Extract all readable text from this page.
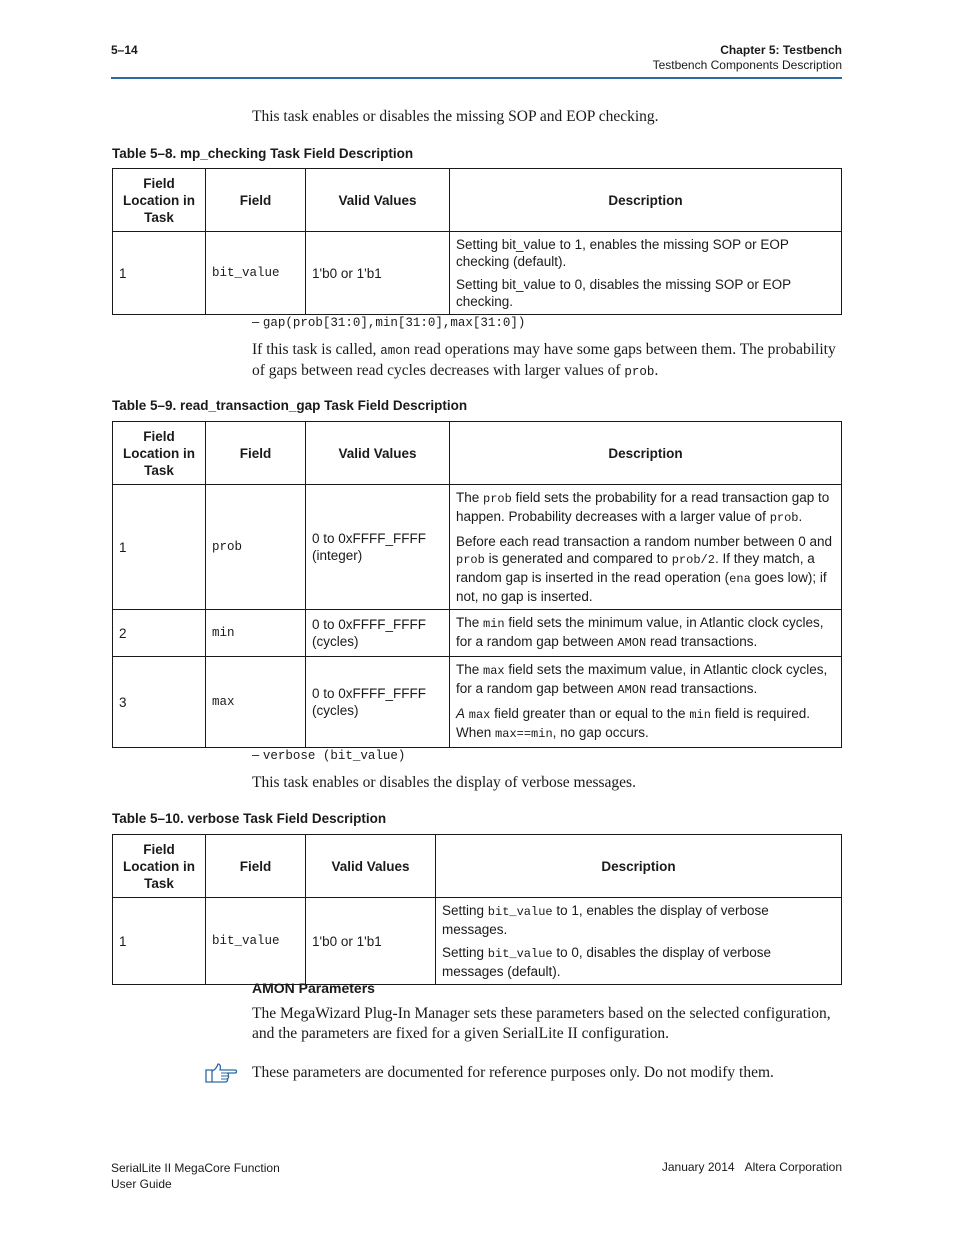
5–14	Chapter 5: Testbench
Testbench Components Description
This task enables or disables the missing SOP and EOP checking.
Table 5–8. mp_checking Task Field Description
Field Location in Task	Field	Valid Values	Description
1	bit_value	1'b0 or 1'b1	Setting bit_value to 1, enables the missing SOP or EOP checking (default).

Setting bit_value to 0, disables the missing SOP or EOP checking.

– gap(prob[31:0],min[31:0],max[31:0])
If this task is called, amon read operations may have some gaps between them. The probability of gaps between read cycles decreases with larger values of prob.
Table 5–9. read_transaction_gap Task Field Description
Field Location in Task	Field	Valid Values	Description
1	prob	0 to 0xFFFF_FFFF (integer)	The prob field sets the probability for a read transaction gap to happen. Probability decreases with a larger value of prob.

Before each read transaction a random number between 0 and prob is generated and compared to prob/2. If they match, a random gap is inserted in the read operation (ena goes low); if not, no gap is inserted.

2	min	0 to 0xFFFF_FFFF (cycles)	The min field sets the minimum value, in Atlantic clock cycles, for a random gap between AMON read transactions.

3	max	0 to 0xFFFF_FFFF (cycles)	The max field sets the maximum value, in Atlantic clock cycles, for a random gap between AMON read transactions.

A max field greater than or equal to the min field is required. When max==min, no gap occurs.

– verbose (bit_value)
This task enables or disables the display of verbose messages.
Table 5–10. verbose Task Field Description
Field Location in Task	Field	Valid Values	Description
1	bit_value	1'b0 or 1'b1	Setting bit_value to 1, enables the display of verbose messages.

Setting bit_value to 0, disables the display of verbose messages (default).

AMON Parameters
The MegaWizard Plug-In Manager sets these parameters based on the selected configuration, and the parameters are fixed for a given SerialLite II configuration.
These parameters are documented for reference purposes only. Do not modify them.
SerialLite II MegaCore Function
User Guide
January 2014 Altera Corporation
